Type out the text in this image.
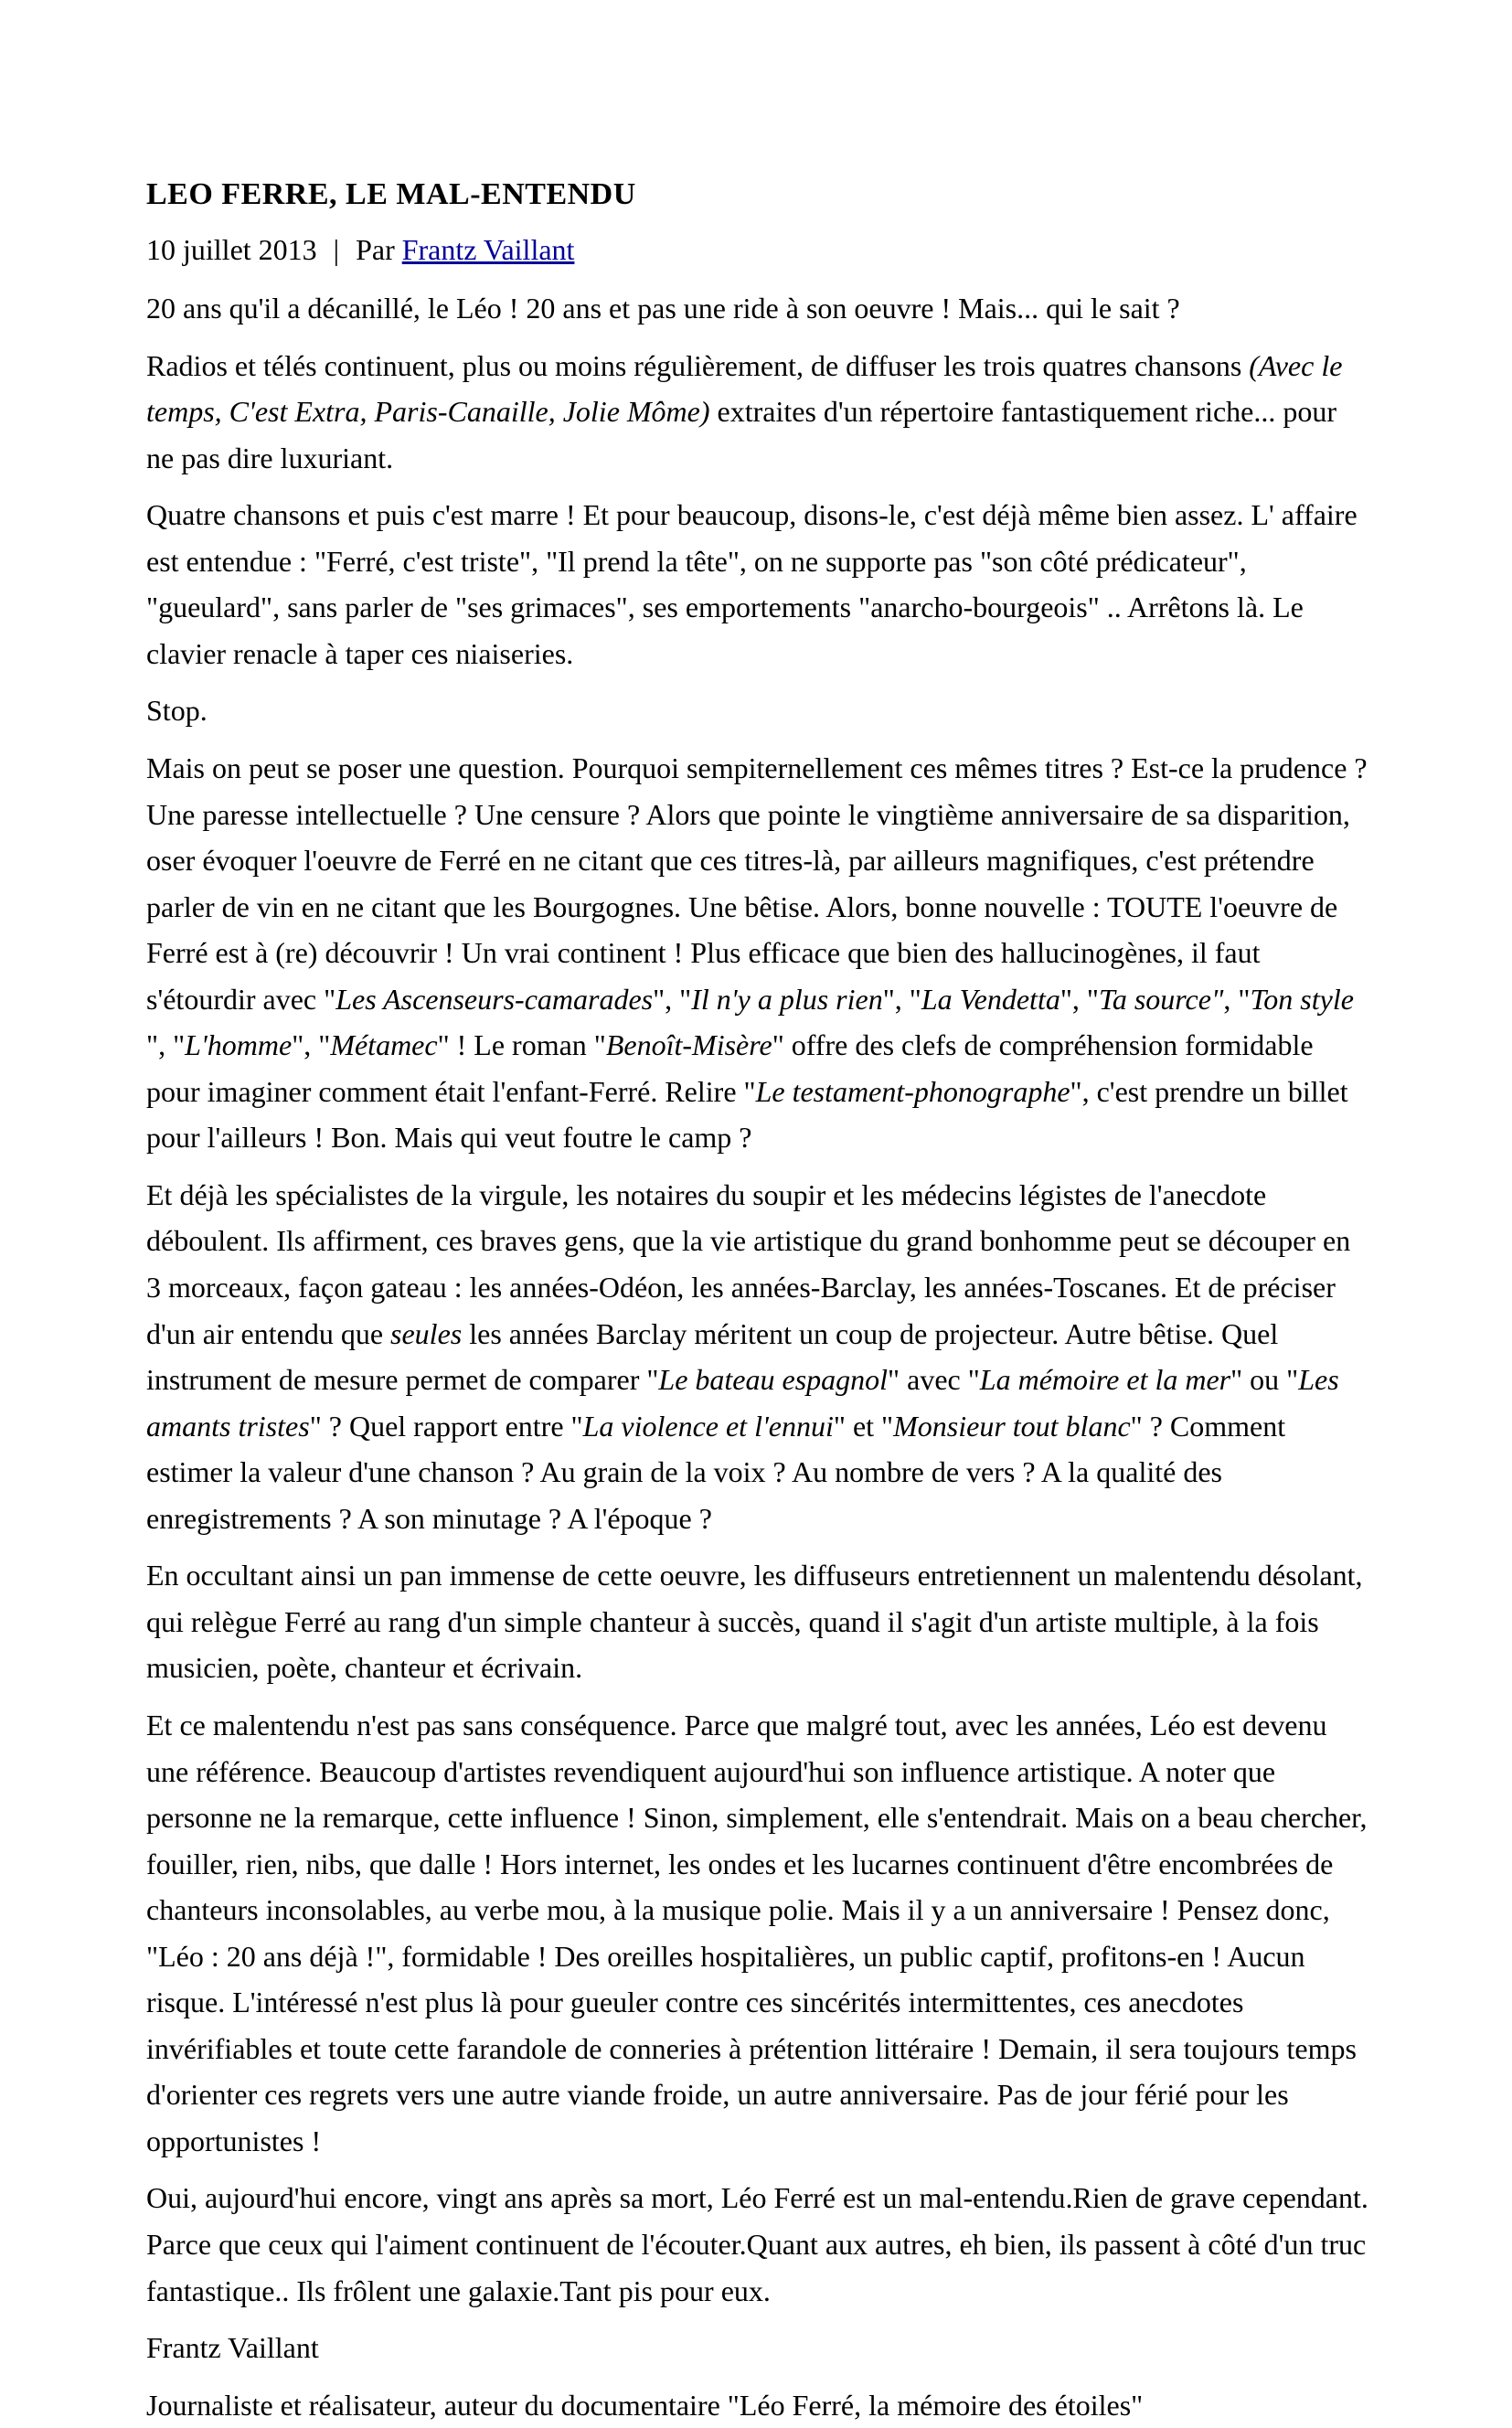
LEO FERRE, LE MAL-ENTENDU

10 juillet 2013 | Par Frantz Vaillant

20 ans qu'il a décanillé, le Léo ! 20 ans et pas une ride à son oeuvre ! Mais... qui le sait ?

Radios et télés continuent, plus ou moins régulièrement, de diffuser les trois quatres chansons (Avec le temps, C'est Extra, Paris-Canaille, Jolie Môme) extraites d'un répertoire fantastiquement riche... pour ne pas dire luxuriant.

Quatre chansons et puis c'est marre ! Et pour beaucoup, disons-le, c'est déjà même bien assez. L' affaire est entendue : "Ferré, c'est triste", "Il prend la tête", on ne supporte pas "son côté prédicateur", "gueulard", sans parler de "ses grimaces", ses emportements "anarcho-bourgeois" .. Arrêtons là. Le clavier renacle à taper ces niaiseries.

Stop.

Mais on peut se poser une question. Pourquoi sempiternellement ces mêmes titres ? Est-ce la prudence ? Une paresse intellectuelle ? Une censure ? Alors que pointe le vingtième anniversaire de sa disparition, oser évoquer l'oeuvre de Ferré en ne citant que ces titres-là, par ailleurs magnifiques, c'est prétendre parler de vin en ne citant que les Bourgognes. Une bêtise. Alors, bonne nouvelle : TOUTE l'oeuvre de Ferré est à (re) découvrir ! Un vrai continent ! Plus efficace que bien des hallucinogènes, il faut s'étourdir avec "Les Ascenseurs-camarades", "Il n'y a plus rien", "La Vendetta", "Ta source", "Ton style ", "L'homme", "Métamec" ! Le roman "Benoît-Misère" offre des clefs de compréhension formidable pour imaginer comment était l'enfant-Ferré. Relire "Le testament-phonographe", c'est prendre un billet pour l'ailleurs ! Bon. Mais qui veut foutre le camp ?

Et déjà les spécialistes de la virgule, les notaires du soupir et les médecins légistes de l'anecdote déboulent. Ils affirment, ces braves gens, que la vie artistique du grand bonhomme peut se découper en 3 morceaux, façon gateau : les années-Odéon, les années-Barclay, les années-Toscanes. Et de préciser d'un air entendu que seules les années Barclay méritent un coup de projecteur. Autre bêtise. Quel instrument de mesure permet de comparer "Le bateau espagnol" avec "La mémoire et la mer" ou "Les amants tristes" ? Quel rapport entre "La violence et l'ennui" et "Monsieur tout blanc" ? Comment estimer la valeur d'une chanson ? Au grain de la voix ? Au nombre de vers ? A la qualité des enregistrements ? A son minutage ? A l'époque ?

En occultant ainsi un pan immense de cette oeuvre, les diffuseurs entretiennent un malentendu désolant, qui relègue Ferré au rang d'un simple chanteur à succès, quand il s'agit d'un artiste multiple, à la fois musicien, poète, chanteur et écrivain.

Et ce malentendu n'est pas sans conséquence. Parce que malgré tout, avec les années, Léo est devenu une référence. Beaucoup d'artistes revendiquent aujourd'hui son influence artistique. A noter que personne ne la remarque, cette influence ! Sinon, simplement, elle s'entendrait. Mais on a beau chercher, fouiller, rien, nibs, que dalle ! Hors internet, les ondes et les lucarnes continuent d'être encombrées de chanteurs inconsolables, au verbe mou, à la musique polie. Mais il y a un anniversaire ! Pensez donc, "Léo : 20 ans déjà !", formidable ! Des oreilles hospitalières, un public captif, profitons-en ! Aucun risque. L'intéressé n'est plus là pour gueuler contre ces sincérités intermittentes, ces anecdotes invérifiables et toute cette farandole de conneries à prétention littéraire ! Demain, il sera toujours temps d'orienter ces regrets vers une autre viande froide, un autre anniversaire. Pas de jour férié pour les opportunistes !

Oui, aujourd'hui encore, vingt ans après sa mort, Léo Ferré est un mal-entendu.Rien de grave cependant. Parce que ceux qui l'aiment continuent de l'écouter.Quant aux autres, eh bien, ils passent à côté d'un truc fantastique.. Ils frôlent une galaxie.Tant pis pour eux.

Frantz Vaillant

Journaliste et réalisateur, auteur du documentaire "Léo Ferré, la mémoire des étoiles"
